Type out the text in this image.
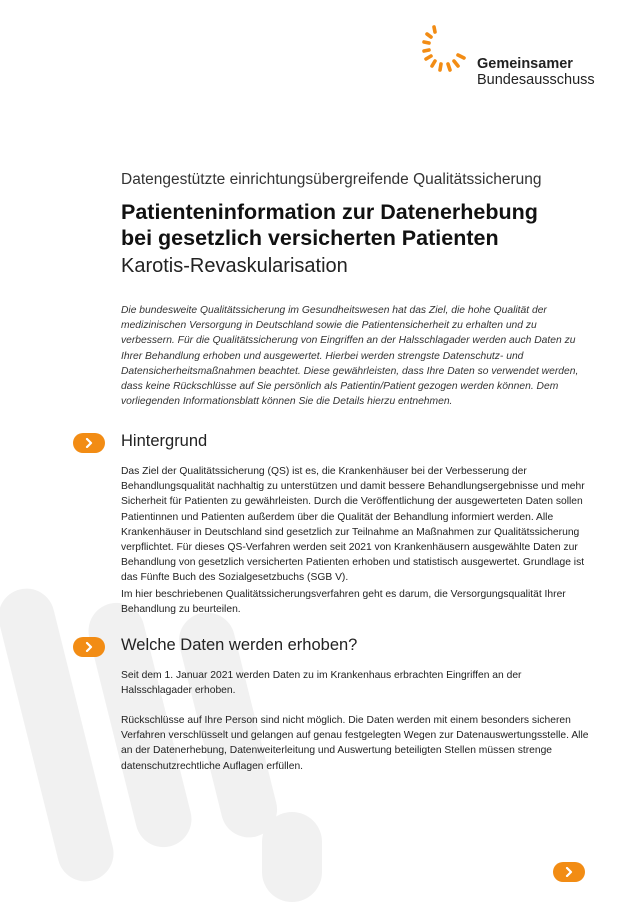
Gemeinsamer
Bundesausschuss
Datengestützte einrichtungsübergreifende Qualitätssicherung
Patienteninformation zur Datenerhebung
bei gesetzlich versicherten Patienten
Karotis-Revaskularisation

Die bundesweite Qualitätssicherung im Gesundheitswesen hat das Ziel, die hohe Qualität der medizinischen Versorgung in Deutschland sowie die Patientensicherheit zu erhalten und zu verbessern. Für die Qualitätssicherung von Eingriffen an der Halsschlagader werden auch Daten zu Ihrer Behandlung erhoben und ausgewertet. Hierbei werden strengste Datenschutz- und Datensicherheitsmaßnahmen beachtet. Diese gewährleisten, dass Ihre Daten so verwendet werden, dass keine Rückschlüsse auf Sie persönlich als Patientin/Patient gezogen werden können. Dem vorliegenden Informationsblatt können Sie die Details hierzu entnehmen.

Hintergrund

Das Ziel der Qualitätssicherung (QS) ist es, die Krankenhäuser bei der Verbesserung der Behandlungsqualität nachhaltig zu unterstützen und damit bessere Behandlungsergebnisse und mehr Sicherheit für Patienten zu gewährleisten. Durch die Veröffentlichung der ausgewerteten Daten sollen Patientinnen und Patienten außerdem über die Qualität der Behandlung informiert werden. Alle Krankenhäuser in Deutschland sind gesetzlich zur Teilnahme an Maßnahmen zur Qualitätssicherung verpflichtet. Für dieses QS-Verfahren werden seit 2021 von Krankenhäusern ausgewählte Daten zur Behandlung von gesetzlich versicherten Patienten erhoben und statistisch ausgewertet. Grundlage ist das Fünfte Buch des Sozialgesetzbuchs (SGB V).

Im hier beschriebenen Qualitätssicherungsverfahren geht es darum, die Versorgungsqualität Ihrer Behandlung zu beurteilen.

Welche Daten werden erhoben?

Seit dem 1. Januar 2021 werden Daten zu im Krankenhaus erbrachten Eingriffen an der Halsschlagader erhoben.

Rückschlüsse auf Ihre Person sind nicht möglich. Die Daten werden mit einem besonders sicheren Verfahren verschlüsselt und gelangen auf genau festgelegten Wegen zur Datenauswertungsstelle. Alle an der Datenerhebung, Datenweiterleitung und Auswertung beteiligten Stellen müssen strenge datenschutzrechtliche Auflagen erfüllen.
